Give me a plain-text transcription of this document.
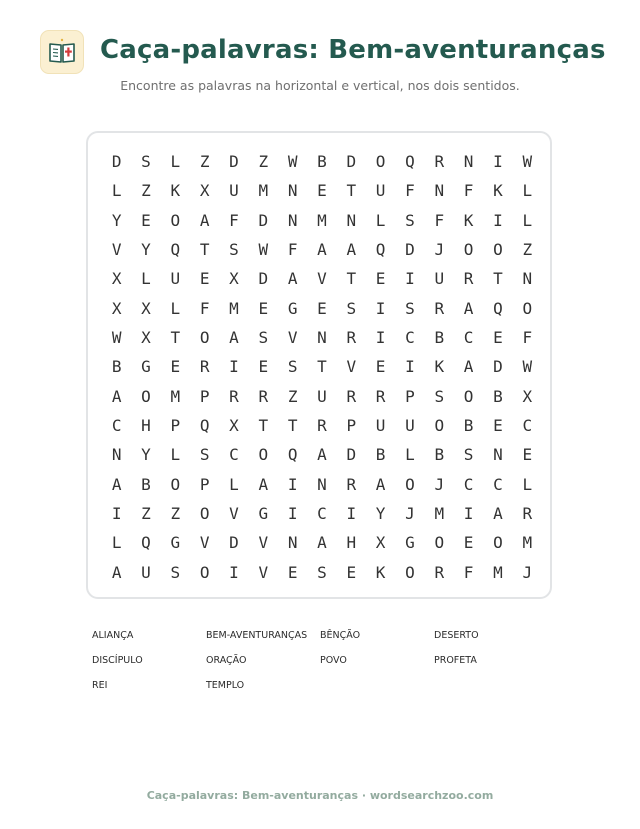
Caça-palavras: Bem-aventuranças
Encontre as palavras na horizontal e vertical, nos dois sentidos.
D	S	L	Z	D	Z	W	B	D	O	Q	R	N	I	W
L	Z	K	X	U	M	N	E	T	U	F	N	F	K	L
Y	E	O	A	F	D	N	M	N	L	S	F	K	I	L
V	Y	Q	T	S	W	F	A	A	Q	D	J	O	O	Z
X	L	U	E	X	D	A	V	T	E	I	U	R	T	N
X	X	L	F	M	E	G	E	S	I	S	R	A	Q	O
W	X	T	O	A	S	V	N	R	I	C	B	C	E	F
B	G	E	R	I	E	S	T	V	E	I	K	A	D	W
A	O	M	P	R	R	Z	U	R	R	P	S	O	B	X
C	H	P	Q	X	T	T	R	P	U	U	O	B	E	C
N	Y	L	S	C	O	Q	A	D	B	L	B	S	N	E
A	B	O	P	L	A	I	N	R	A	O	J	C	C	L
I	Z	Z	O	V	G	I	C	I	Y	J	M	I	A	R
L	Q	G	V	D	V	N	A	H	X	G	O	E	O	M
A	U	S	O	I	V	E	S	E	K	O	R	F	M	J
ALIANÇA	BEM-AVENTURANÇAS BÊNÇÃO	DESERTO
DISCÍPULO	ORAÇÃO	POVO	PROFETA
REI	TEMPLO
Caça-palavras: Bem-aventuranças · wordsearchzoo.com
